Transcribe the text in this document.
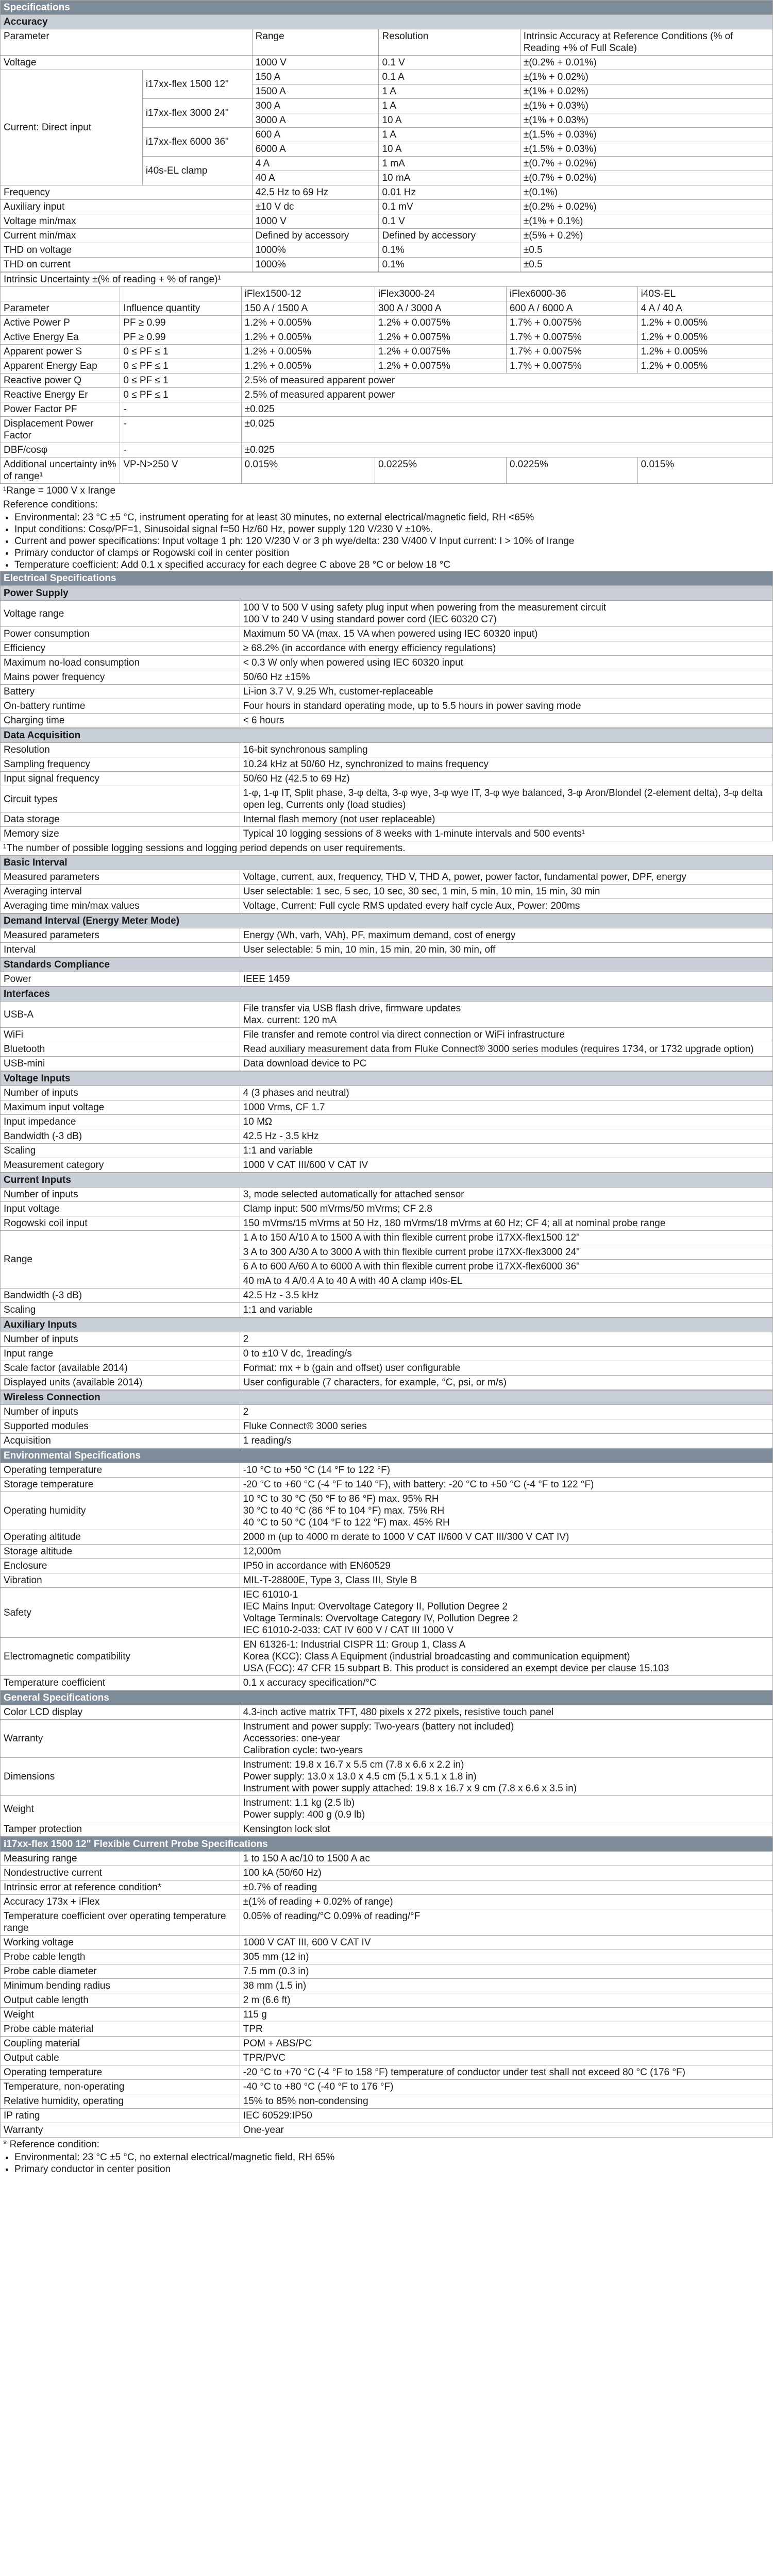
Specifications				
Accuracy				
Parameter		Range	Resolution	Intrinsic Accuracy at Reference Conditions (% of Reading +% of Full Scale)
Voltage		1000 V	0.1 V	±(0.2% + 0.01%)
Current: Direct input	i17xx-flex 1500 12"	150 A	0.1 A	±(1% + 0.02%)
		1500 A	1 A	±(1% + 0.02%)
	i17xx-flex 3000 24"	300 A	1 A	±(1% + 0.03%)
		3000 A	10 A	±(1% + 0.03%)
	i17xx-flex 6000 36"	600 A	1 A	±(1.5% + 0.03%)
		6000 A	10 A	±(1.5% + 0.03%)
	i40s-EL clamp	4 A	1 mA	±(0.7% + 0.02%)
		40 A	10 mA	±(0.7% + 0.02%)
Frequency		42.5 Hz to 69 Hz	0.01 Hz	±(0.1%)
Auxiliary input		±10 V dc	0.1 mV	±(0.2% + 0.02%)
Voltage min/max		1000 V	0.1 V	±(1% + 0.1%)
Current min/max		Defined by accessory	Defined by accessory	±(5% + 0.2%)
THD on voltage		1000%	0.1%	±0.5
THD on current		1000%	0.1%	±0.5
Intrinsic Uncertainty ±(% of reading + % of range)¹					
		iFlex1500-12	iFlex3000-24	iFlex6000-36	i40S-EL
Parameter	Influence quantity	150 A / 1500 A	300 A / 3000 A	600 A / 6000 A	4 A / 40 A
Active Power P	PF ≥ 0.99	1.2% + 0.005%	1.2% + 0.0075%	1.7% + 0.0075%	1.2% + 0.005%
Active Energy Ea	PF ≥ 0.99	1.2% + 0.005%	1.2% + 0.0075%	1.7% + 0.0075%	1.2% + 0.005%
Apparent power S	0 ≤ PF ≤ 1	1.2% + 0.005%	1.2% + 0.0075%	1.7% + 0.0075%	1.2% + 0.005%
Apparent Energy Eap	0 ≤ PF ≤ 1	1.2% + 0.005%	1.2% + 0.0075%	1.7% + 0.0075%	1.2% + 0.005%
Reactive power Q	0 ≤ PF ≤ 1	2.5% of measured apparent power			
Reactive Energy Er	0 ≤ PF ≤ 1	2.5% of measured apparent power			
Power Factor PF	-	±0.025			
Displacement Power Factor	-	±0.025			
DBF/cosφ	-	±0.025			
Additional uncertainty in% of range¹	VP-N>250 V	0.015%	0.0225%	0.0225%	0.015%
¹Range = 1000 V x Irange
Reference conditions:
• Environmental: 23 °C ±5 °C, instrument operating for at least 30 minutes, no external electrical/magnetic field, RH <65%
• Input conditions: Cosφ/PF=1, Sinusoidal signal f=50 Hz/60 Hz, power supply 120 V/230 V ±10%.
• Current and power specifications: Input voltage 1 ph: 120 V/230 V or 3 ph wye/delta: 230 V/400 V Input current: I > 10% of Irange
• Primary conductor of clamps or Rogowski coil in center position
• Temperature coefficient: Add 0.1 x specified accuracy for each degree C above 28 °C or below 18 °C
Electrical Specifications
Power Supply	
Voltage range	100 V to 500 V using safety plug input when powering from the measurement circuit
100 V to 240 V using standard power cord (IEC 60320 C7)

Power consumption	Maximum 50 VA (max. 15 VA when powered using IEC 60320 input)
Efficiency	≥ 68.2% (in accordance with energy efficiency regulations)
Maximum no-load consumption	< 0.3 W only when powered using IEC 60320 input
Mains power frequency	50/60 Hz ±15%
Battery	Li-ion 3.7 V, 9.25 Wh, customer-replaceable
On-battery runtime	Four hours in standard operating mode, up to 5.5 hours in power saving mode
Charging time	< 6 hours
Data Acquisition	
Resolution	16-bit synchronous sampling
Sampling frequency	10.24 kHz at 50/60 Hz, synchronized to mains frequency
Input signal frequency	50/60 Hz (42.5 to 69 Hz)
Circuit types	1-φ, 1-φ IT, Split phase, 3-φ delta, 3-φ wye, 3-φ wye IT, 3-φ wye balanced, 3-φ Aron/Blondel (2-element delta), 3-φ delta open leg, Currents only (load studies)
Data storage	Internal flash memory (not user replaceable)
Memory size	Typical 10 logging sessions of 8 weeks with 1-minute intervals and 500 events¹
¹The number of possible logging sessions and logging period depends on user requirements.
Basic Interval	
Measured parameters	Voltage, current, aux, frequency, THD V, THD A, power, power factor, fundamental power, DPF, energy
Averaging interval	User selectable: 1 sec, 5 sec, 10 sec, 30 sec, 1 min, 5 min, 10 min, 15 min, 30 min
Averaging time min/max values	Voltage, Current: Full cycle RMS updated every half cycle Aux, Power: 200ms
Demand Interval (Energy Meter Mode)	
Measured parameters	Energy (Wh, varh, VAh), PF, maximum demand, cost of energy
Interval	User selectable: 5 min, 10 min, 15 min, 20 min, 30 min, off
Standards Compliance
Power	IEEE 1459
Interfaces	
USB-A	File transfer via USB flash drive, firmware updates
Max. current: 120 mA

WiFi	File transfer and remote control via direct connection or WiFi infrastructure
Bluetooth	Read auxiliary measurement data from Fluke Connect® 3000 series modules (requires 1734, or 1732 upgrade option)
USB-mini	Data download device to PC
Voltage Inputs	
Number of inputs	4 (3 phases and neutral)
Maximum input voltage	1000 Vrms, CF 1.7
Input impedance	10 MΩ
Bandwidth (-3 dB)	42.5 Hz - 3.5 kHz
Scaling	1:1 and variable
Measurement category	1000 V CAT III/600 V CAT IV
Current Inputs	
Number of inputs	3, mode selected automatically for attached sensor
Input voltage	Clamp input: 500 mVrms/50 mVrms; CF 2.8
Rogowski coil input	150 mVrms/15 mVrms at 50 Hz, 180 mVrms/18 mVrms at 60 Hz; CF 4; all at nominal probe range
Range	1 A to 150 A/10 A to 1500 A with thin flexible current probe i17XX-flex1500 12"
	3 A to 300 A/30 A to 3000 A with thin flexible current probe i17XX-flex3000 24"
	6 A to 600 A/60 A to 6000 A with thin flexible current probe i17XX-flex6000 36"
	40 mA to 4 A/0.4 A to 40 A with 40 A clamp i40s-EL
Bandwidth (-3 dB)	42.5 Hz - 3.5 kHz
Scaling	1:1 and variable
Auxiliary Inputs	
Number of inputs	2
Input range	0 to ±10 V dc, 1reading/s
Scale factor (available 2014)	Format: mx + b (gain and offset) user configurable
Displayed units (available 2014)	User configurable (7 characters, for example, °C, psi, or m/s)
Wireless Connection	
Number of inputs	2
Supported modules	Fluke Connect® 3000 series
Acquisition	1 reading/s
Environmental Specifications	
Operating temperature	-10 °C to +50 °C (14 °F to 122 °F)
Storage temperature	-20 °C to +60 °C (-4 °F to 140 °F), with battery: -20 °C to +50 °C (-4 °F to 122 °F)
Operating humidity	10 °C to 30 °C (50 °F to 86 °F) max. 95% RH
30 °C to 40 °C (86 °F to 104 °F) max. 75% RH
40 °C to 50 °C (104 °F to 122 °F) max. 45% RH

Operating altitude	2000 m (up to 4000 m derate to 1000 V CAT II/600 V CAT III/300 V CAT IV)
Storage altitude	12,000m
Enclosure	IP50 in accordance with EN60529
Vibration	MIL-T-28800E, Type 3, Class III, Style B
Safety	IEC 61010-1
IEC Mains Input: Overvoltage Category II, Pollution Degree 2
Voltage Terminals: Overvoltage Category IV, Pollution Degree 2
IEC 61010-2-033: CAT IV 600 V / CAT III 1000 V

Electromagnetic compatibility	EN 61326-1: Industrial CISPR 11: Group 1, Class A
Korea (KCC): Class A Equipment (industrial broadcasting and communication equipment)
USA (FCC): 47 CFR 15 subpart B. This product is considered an exempt device per clause 15.103

Temperature coefficient	0.1 x accuracy specification/°C
General Specifications	
Color LCD display	4.3-inch active matrix TFT, 480 pixels x 272 pixels, resistive touch panel
Warranty	Instrument and power supply: Two-years (battery not included)
Accessories: one-year
Calibration cycle: two-years

Dimensions	Instrument: 19.8 x 16.7 x 5.5 cm (7.8 x 6.6 x 2.2 in)
Power supply: 13.0 x 13.0 x 4.5 cm (5.1 x 5.1 x 1.8 in)
Instrument with power supply attached: 19.8 x 16.7 x 9 cm (7.8 x 6.6 x 3.5 in)

Weight	Instrument: 1.1 kg (2.5 lb)
Power supply: 400 g (0.9 lb)

Tamper protection	Kensington lock slot
i17xx-flex 1500 12" Flexible Current Probe Specifications	
Measuring range	1 to 150 A ac/10 to 1500 A ac
Nondestructive current	100 kA (50/60 Hz)
Intrinsic error at reference condition*	±0.7% of reading
Accuracy 173x + iFlex	±(1% of reading + 0.02% of range)
Temperature coefficient over operating temperature range	0.05% of reading/°C 0.09% of reading/°F
Working voltage	1000 V CAT III, 600 V CAT IV
Probe cable length	305 mm (12 in)
Probe cable diameter	7.5 mm (0.3 in)
Minimum bending radius	38 mm (1.5 in)
Output cable length	2 m (6.6 ft)
Weight	115 g
Probe cable material	TPR
Coupling material	POM + ABS/PC
Output cable	TPR/PVC
Operating temperature	-20 °C to +70 °C (-4 °F to 158 °F) temperature of conductor under test shall not exceed 80 °C (176 °F)
Temperature, non-operating	-40 °C to +80 °C (-40 °F to 176 °F)
Relative humidity, operating	15% to 85% non-condensing
IP rating	IEC 60529:IP50
Warranty	One-year
* Reference condition:
• Environmental: 23 °C ±5 °C, no external electrical/magnetic field, RH 65%
• Primary conductor in center position
